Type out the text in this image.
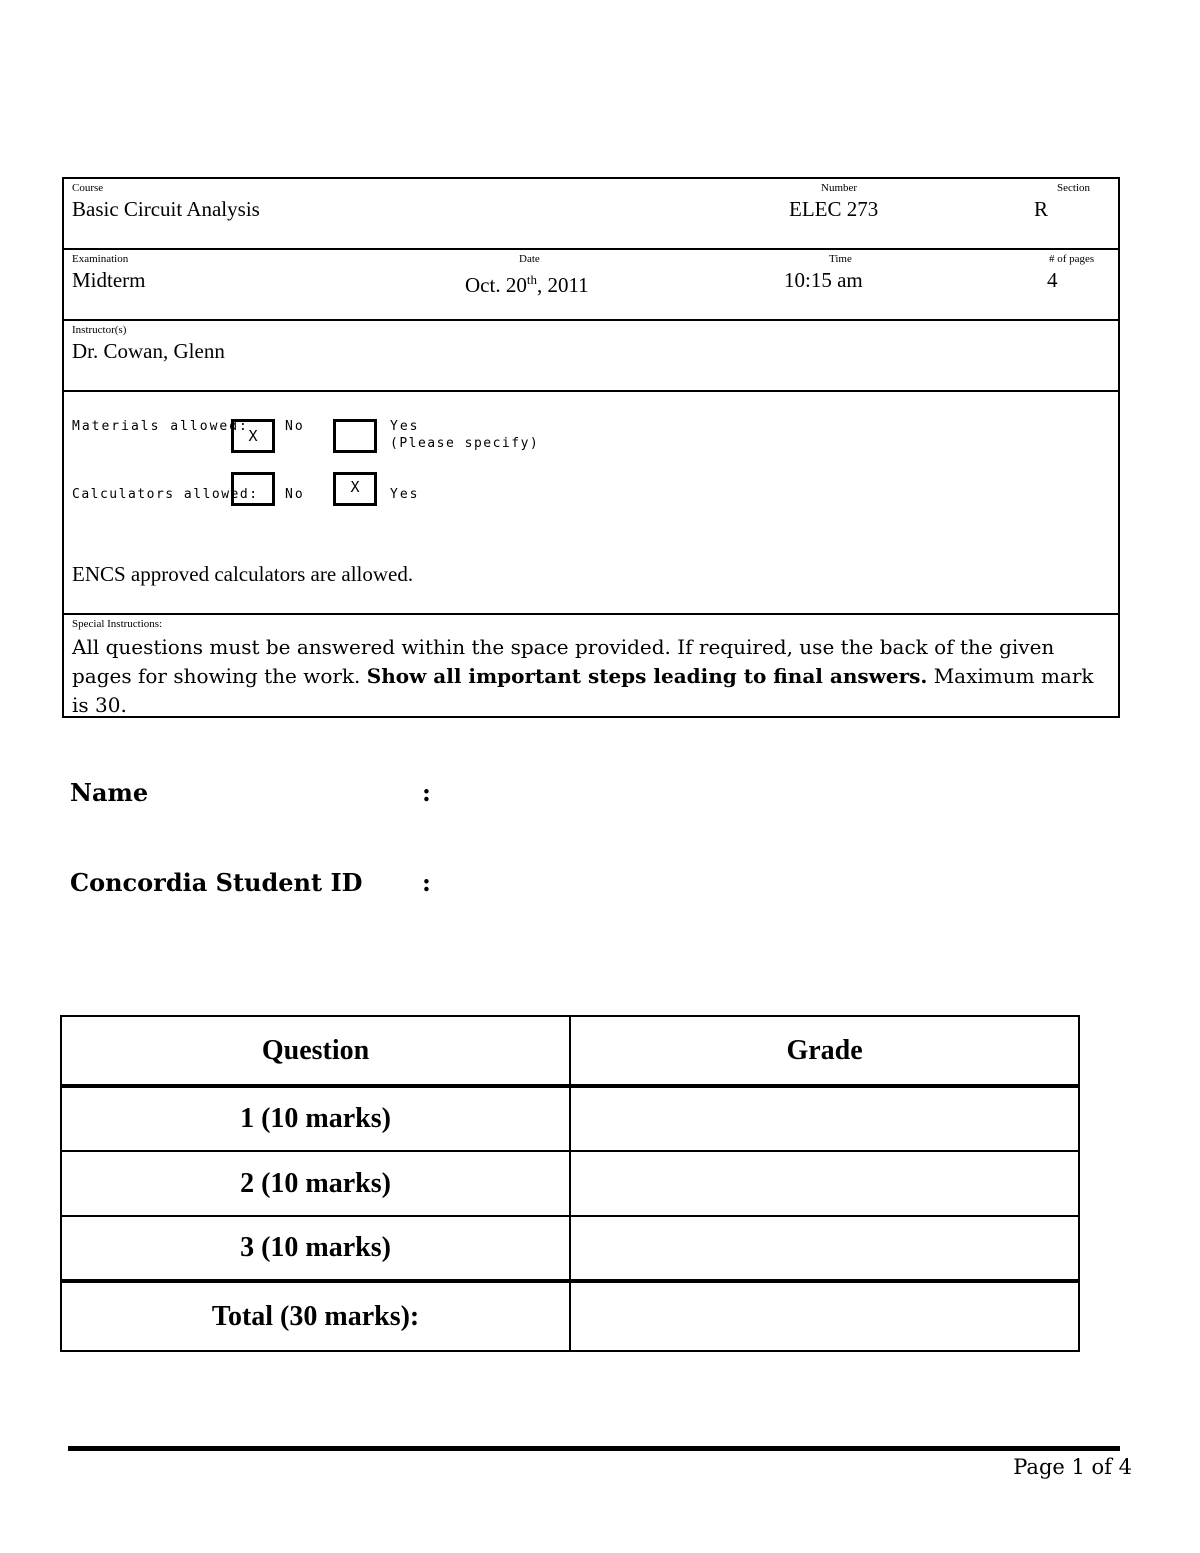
Course
Basic Circuit Analysis
Number
ELEC 273
Section
R
Examination
Midterm
Date
Oct. 20th, 2011
Time
10:15 am
# of pages
4
Instructor(s)
Dr. Cowan, Glenn
Materials allowed:
X
No	Yes
(Please specify)
Calculators allowed: No	X	Yes
ENCS approved calculators are allowed.
Special Instructions:
All questions must be answered within the space provided. If required, use the back of the given pages for showing the work. Show all important steps leading to final answers. Maximum mark is 30.
Name	:
Concordia Student ID :
Question	Grade
1 (10 marks)	
2 (10 marks)	
3 (10 marks)	
Total (30 marks):	
Page 1 of 4
